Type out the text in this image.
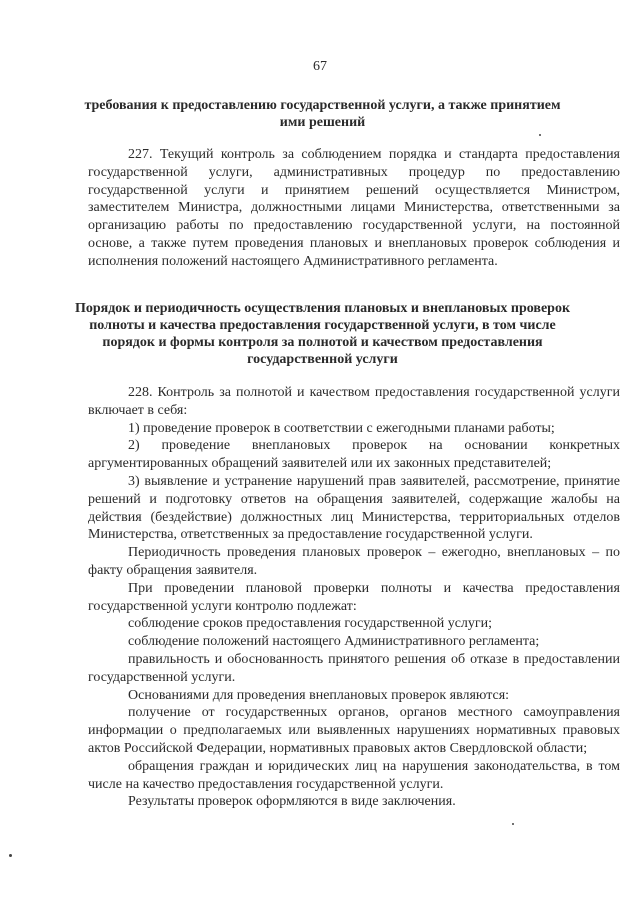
67
требования к предоставлению государственной услуги, а также принятием ими решений

227. Текущий контроль за соблюдением порядка и стандарта предоставления государственной услуги, административных процедур по предоставлению государственной услуги и принятием решений осуществляется Министром, заместителем Министра, должностными лицами Министерства, ответственными за организацию работы по предоставлению государственной услуги, на постоянной основе, а также путем проведения плановых и внеплановых проверок соблюдения и исполнения положений настоящего Административного регламента.

Порядок и периодичность осуществления плановых и внеплановых проверок полноты и качества предоставления государственной услуги, в том числе порядок и формы контроля за полнотой и качеством предоставления государственной услуги

228. Контроль за полнотой и качеством предоставления государственной услуги включает в себя:

1) проведение проверок в соответствии с ежегодными планами работы;

2) проведение внеплановых проверок на основании конкретных аргументированных обращений заявителей или их законных представителей;

3) выявление и устранение нарушений прав заявителей, рассмотрение, принятие решений и подготовку ответов на обращения заявителей, содержащие жалобы на действия (бездействие) должностных лиц Министерства, территориальных отделов Министерства, ответственных за предоставление государственной услуги.

Периодичность проведения плановых проверок – ежегодно, внеплановых – по факту обращения заявителя.

При проведении плановой проверки полноты и качества предоставления государственной услуги контролю подлежат:

соблюдение сроков предоставления государственной услуги;

соблюдение положений настоящего Административного регламента;

правильность и обоснованность принятого решения об отказе в предоставлении государственной услуги.

Основаниями для проведения внеплановых проверок являются:

получение от государственных органов, органов местного самоуправления информации о предполагаемых или выявленных нарушениях нормативных правовых актов Российской Федерации, нормативных правовых актов Свердловской области;

обращения граждан и юридических лиц на нарушения законодательства, в том числе на качество предоставления государственной услуги.

Результаты проверок оформляются в виде заключения.
